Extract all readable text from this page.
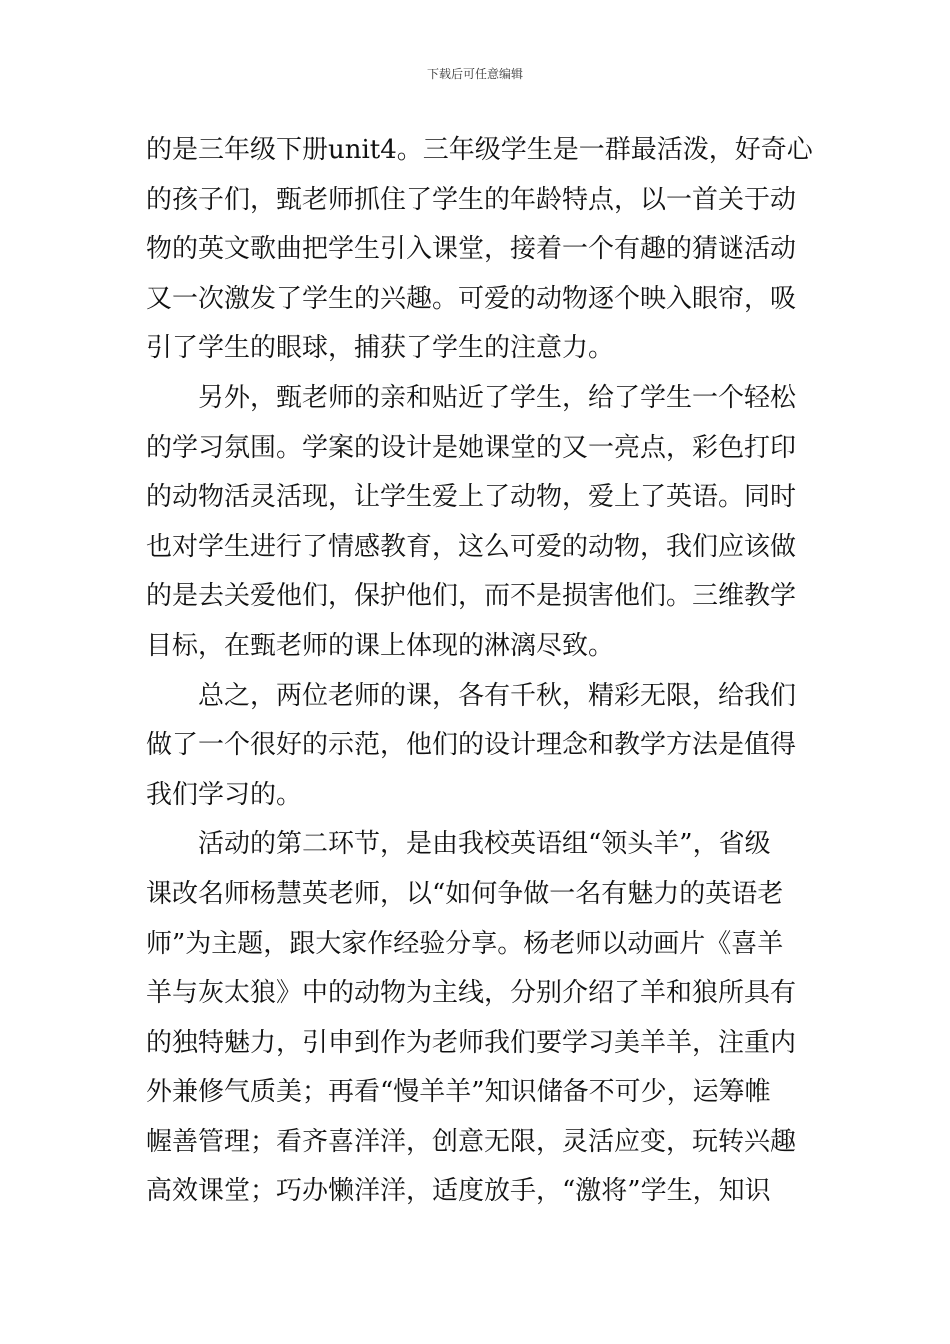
下载后可任意编辑
的是三年级下册unit4。三年级学生是一群最活泼，好奇心
的孩子们，甄老师抓住了学生的年龄特点，以一首关于动
物的英文歌曲把学生引入课堂，接着一个有趣的猜谜活动
又一次激发了学生的兴趣。可爱的动物逐个映入眼帘，吸
引了学生的眼球，捕获了学生的注意力。
　　另外，甄老师的亲和贴近了学生，给了学生一个轻松
的学习氛围。学案的设计是她课堂的又一亮点，彩色打印
的动物活灵活现，让学生爱上了动物，爱上了英语。同时
也对学生进行了情感教育，这么可爱的动物，我们应该做
的是去关爱他们，保护他们，而不是损害他们。三维教学
目标，在甄老师的课上体现的淋漓尽致。
　　总之，两位老师的课，各有千秋，精彩无限，给我们
做了一个很好的示范，他们的设计理念和教学方法是值得
我们学习的。
　　活动的第二环节，是由我校英语组“领头羊”，省级
课改名师杨慧英老师，以“如何争做一名有魅力的英语老
师”为主题，跟大家作经验分享。杨老师以动画片《喜羊
羊与灰太狼》中的动物为主线，分别介绍了羊和狼所具有
的独特魅力，引申到作为老师我们要学习美羊羊，注重内
外兼修气质美；再看“慢羊羊”知识储备不可少，运筹帷
幄善管理；看齐喜洋洋，创意无限，灵活应变，玩转兴趣
高效课堂；巧办懒洋洋，适度放手，“激将”学生，知识
